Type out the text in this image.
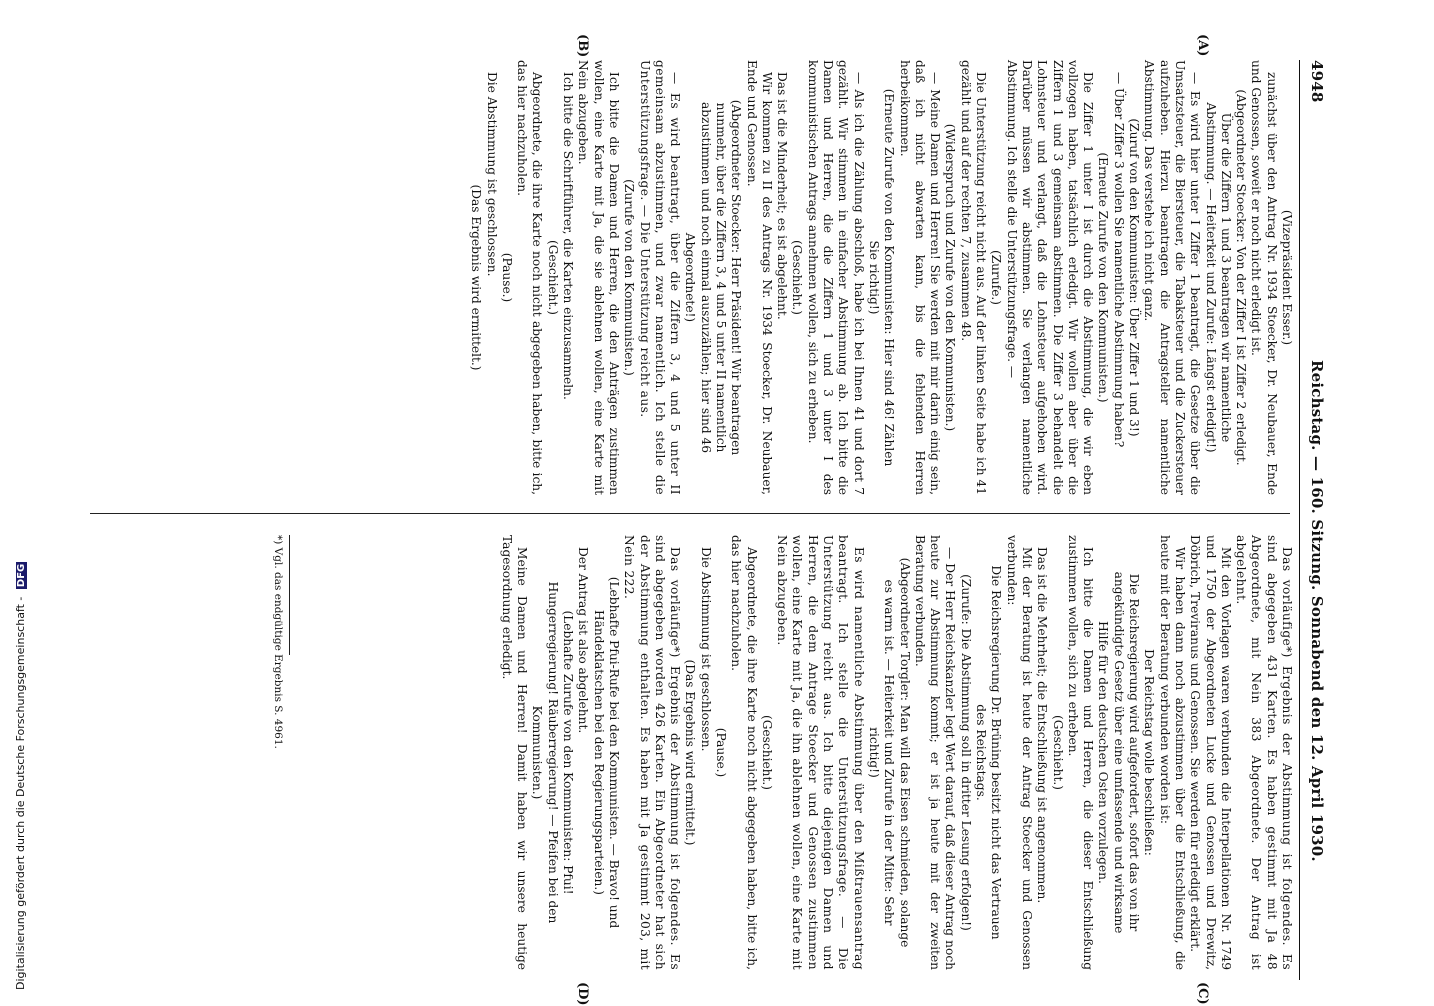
4948
Reichstag. — 160. Sitzung. Sonnabend den 12. April 1930.
(A)
(B)
(C)
(D)

(Vizepräsident Esser.)

zunächst über den Antrag Nr. 1934 Stoecker, Dr. Neubauer, Ende und Genossen, soweit er noch nicht erledigt ist.

(Abgeordneter Stoecker: Von der Ziffer I ist Ziffer 2 erledigt. Über die Ziffern 1 und 3 beantragen wir namentliche Abstimmung. — Heiterkeit und Zurufe: Längst erledigt!)

— Es wird hier unter I Ziffer 1 beantragt, die Gesetze über die Umsatzsteuer, die Biersteuer, die Tabaksteuer und die Zuckersteuer aufzuheben. Hierzu beantragen die Antragsteller namentliche Abstimmung. Das verstehe ich nicht ganz.

(Zuruf von den Kommunisten: Über Ziffer 1 und 3!)

— Über Ziffer 3 wollen Sie namentliche Abstimmung haben?

(Erneute Zurufe von den Kommunisten.)

Die Ziffer 1 unter I ist durch die Abstimmung, die wir eben vollzogen haben, tatsächlich erledigt. Wir wollen aber über die Ziffern 1 und 3 gemeinsam abstimmen. Die Ziffer 3 behandelt die Lohnsteuer und verlangt, daß die Lohnsteuer aufgehoben wird. Darüber müssen wir abstimmen. Sie verlangen namentliche Abstimmung. Ich stelle die Unterstützungsfrage. —

(Zurufe.)

Die Unterstützung reicht nicht aus. Auf der linken Seite habe ich 41 gezählt und auf der rechten 7, zusammen 48.

(Widerspruch und Zurufe von den Kommunisten.)

— Meine Damen und Herren! Sie werden mit mir darin einig sein, daß ich nicht abwarten kann, bis die fehlenden Herren herbeikommen.

(Erneute Zurufe von den Kommunisten: Hier sind 46! Zählen Sie richtig!)

— Als ich die Zählung abschloß, habe ich bei Ihnen 41 und dort 7 gezählt. Wir stimmen in einfacher Abstimmung ab. Ich bitte die Damen und Herren, die die Ziffern 1 und 3 unter I des kommunistischen Antrags annehmen wollen, sich zu erheben.

(Geschieht.)

Das ist die Minderheit; es ist abgelehnt.

Wir kommen zu II des Antrags Nr. 1934 Stoecker, Dr. Neubauer, Ende und Genossen.

(Abgeordneter Stoecker: Herr Präsident! Wir beantragen nunmehr, über die Ziffern 3, 4 und 5 unter II namentlich abzustimmen und noch einmal auszuzählen; hier sind 46 Abgeordnete!)

— Es wird beantragt, über die Ziffern 3, 4 und 5 unter II gemeinsam abzustimmen, und zwar namentlich. Ich stelle die Unterstützungsfrage. — Die Unterstützung reicht aus.

(Zurufe von den Kommunisten.)

Ich bitte die Damen und Herren, die den Anträgen zustimmen wollen, eine Karte mit Ja, die sie ablehnen wollen, eine Karte mit Nein abzugeben.

Ich bitte die Schriftführer, die Karten einzusammeln.

(Geschieht.)

Abgeordnete, die ihre Karte noch nicht abgegeben haben, bitte ich, das hier nachzuholen.

(Pause.)

Die Abstimmung ist geschlossen.

(Das Ergebnis wird ermittelt.)

Das vorläufige*) Ergebnis der Abstimmung ist folgendes. Es sind abgegeben 431 Karten. Es haben gestimmt mit Ja 48 Abgeordnete, mit Nein 383 Abgeordnete. Der Antrag ist abgelehnt.

Mit den Vorlagen waren verbunden die Interpellationen Nr. 1749 und 1750 der Abgeordneten Lucke und Genossen und Drewitz, Döbrich, Treviranus und Genossen. Sie werden für erledigt erklärt.

Wir haben dann noch abzustimmen über die Entschließung, die heute mit der Beratung verbunden worden ist:

Der Reichstag wolle beschließen:

Die Reichsregierung wird aufgefordert, sofort das von ihr angekündigte Gesetz über eine umfassende und wirksame Hilfe für den deutschen Osten vorzulegen.

Ich bitte die Damen und Herren, die dieser Entschließung zustimmen wollen, sich zu erheben.

(Geschieht.)

Das ist die Mehrheit; die Entschließung ist angenommen.

Mit der Beratung ist heute der Antrag Stoecker und Genossen verbunden:

Die Reichsregierung Dr. Brüning besitzt nicht das Vertrauen des Reichstags.

(Zurufe: Die Abstimmung soll in dritter Lesung erfolgen!)

— Der Herr Reichskanzler legt Wert darauf, daß dieser Antrag noch heute zur Abstimmung kommt; er ist ja heute mit der zweiten Beratung verbunden.

(Abgeordneter Torgler: Man will das Eisen schmieden, solange es warm ist. — Heiterkeit und Zurufe in der Mitte: Sehr richtig!)

Es wird namentliche Abstimmung über den Mißtrauensantrag beantragt. Ich stelle die Unterstützungsfrage. — Die Unterstützung reicht aus. Ich bitte diejenigen Damen und Herren, die dem Antrage Stoecker und Genossen zustimmen wollen, eine Karte mit Ja, die ihn ablehnen wollen, eine Karte mit Nein abzugeben.

(Geschieht.)

Abgeordnete, die ihre Karte noch nicht abgegeben haben, bitte ich, das hier nachzuholen.

(Pause.)

Die Abstimmung ist geschlossen.

(Das Ergebnis wird ermittelt.)

Das vorläufige*) Ergebnis der Abstimmung ist folgendes. Es sind abgegeben worden 426 Karten. Ein Abgeordneter hat sich der Abstimmung enthalten. Es haben mit Ja gestimmt 203, mit Nein 222.

(Lebhafte Pfui-Rufe bei den Kommunisten. — Bravo! und Händeklatschen bei den Regierungsparteien.)

Der Antrag ist also abgelehnt.

(Lebhafte Zurufe von den Kommunisten: Pfui! Hungerregierung! Räuberregierung! — Pfeifen bei den Kommunisten.)

Meine Damen und Herren! Damit haben wir unsere heutige Tagesordnung erledigt.

*) Vgl. das endgültige Ergebnis S. 4961.
Digitalisierung gefördert durch die Deutsche Forschungsgemeinschaft - DFG
